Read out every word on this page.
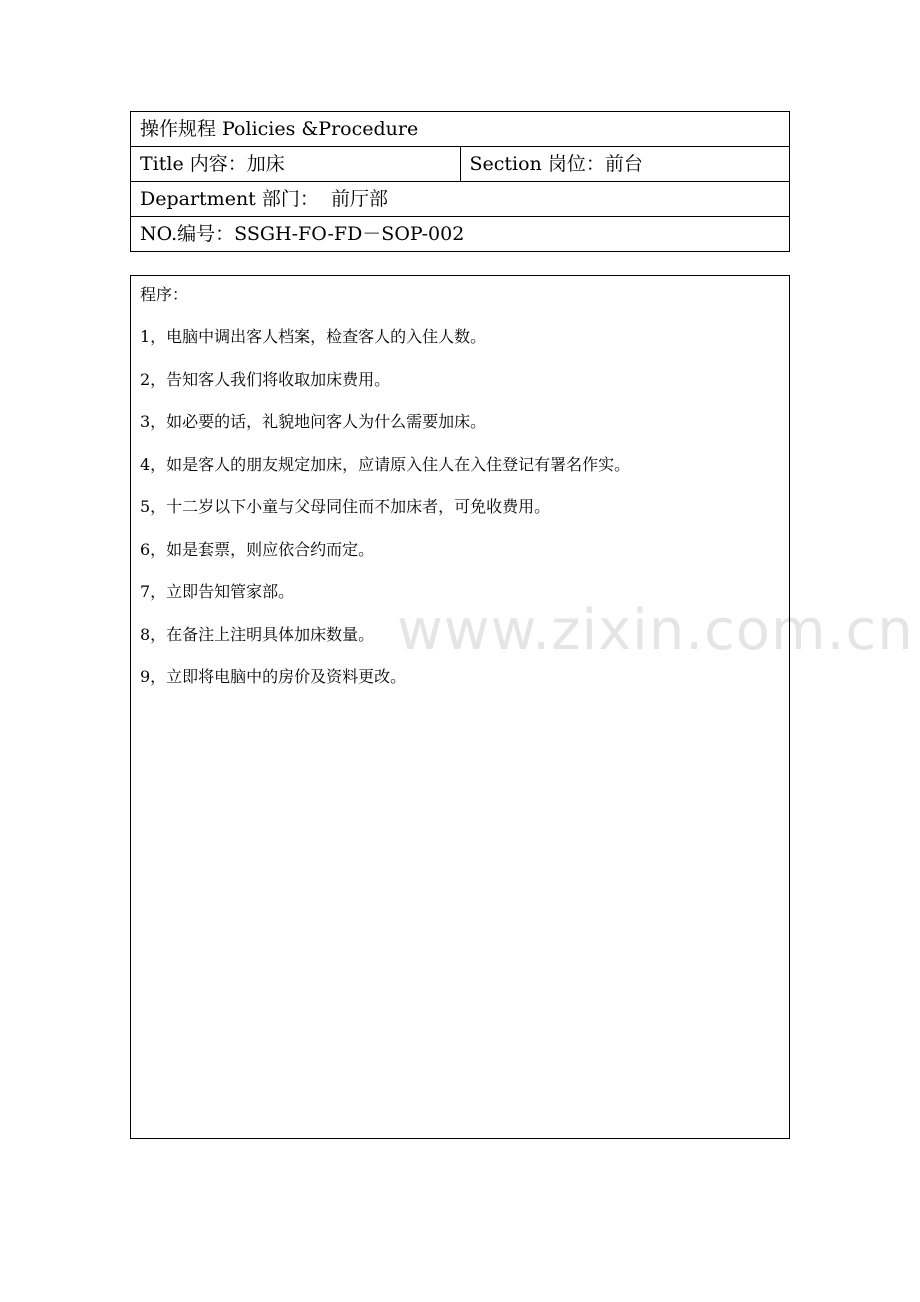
操作规程 Policies &Procedure
Title 内容：加床	Section 岗位：前台
Department 部门： 前厅部
NO.编号：SSGH-FO-FD－SOP-002
程序：
1，电脑中调出客人档案，检查客人的入住人数。
2，告知客人我们将收取加床费用。
3，如必要的话，礼貌地问客人为什么需要加床。
4，如是客人的朋友规定加床，应请原入住人在入住登记有署名作实。
5，十二岁以下小童与父母同住而不加床者，可免收费用。
6，如是套票，则应依合约而定。
7，立即告知管家部。
8，在备注上注明具体加床数量。
9，立即将电脑中的房价及资料更改。
www.zixin.com.cn
